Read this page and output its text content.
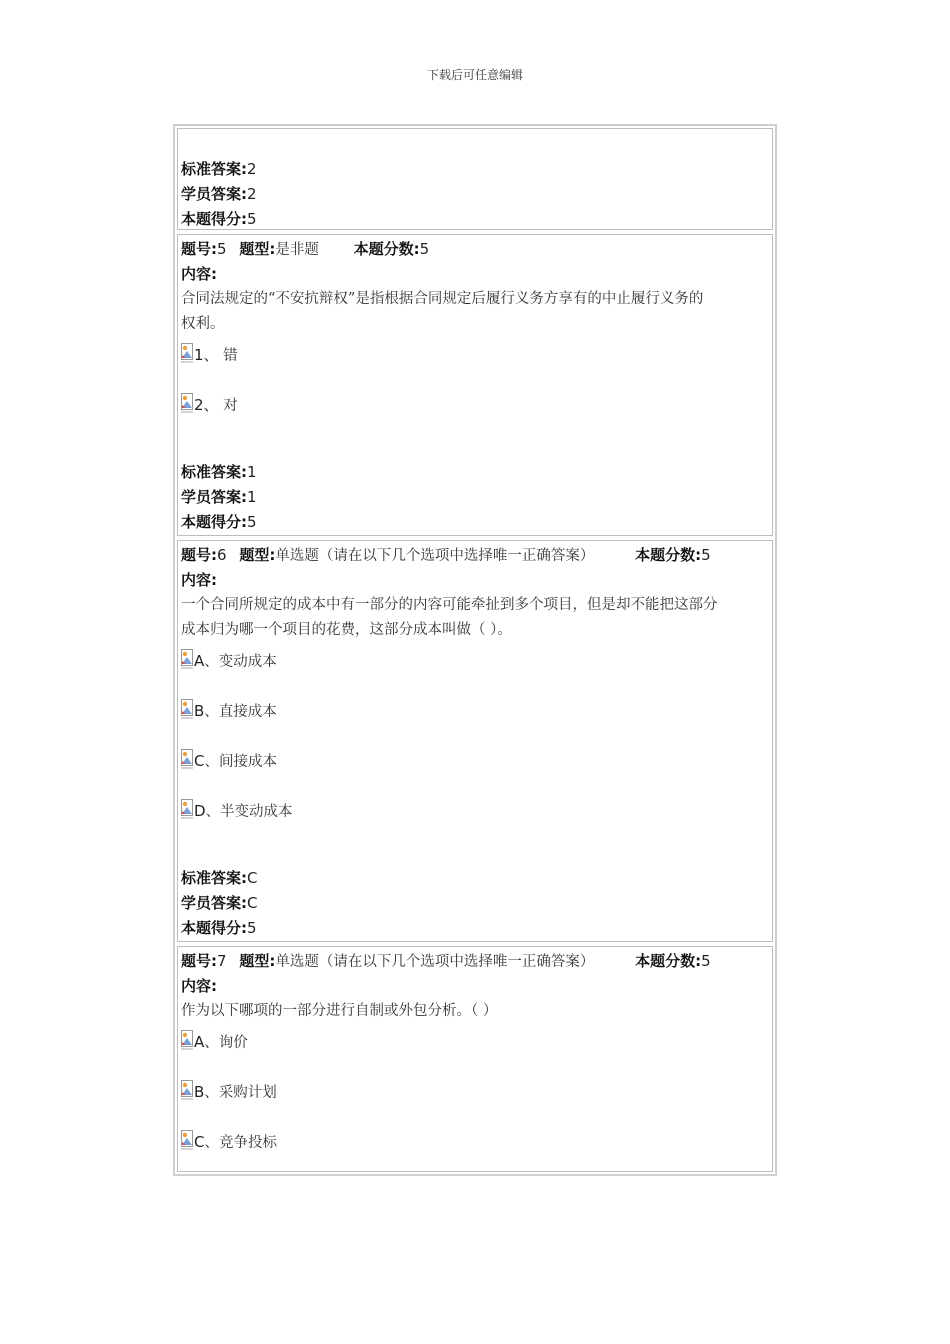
下载后可任意编辑
标准答案:2
学员答案:2
本题得分:5
题号:5 题型:是非题 本题分数:5
内容:
合同法规定的“不安抗辩权”是指根据合同规定后履行义务方享有的中止履行义务的
权利。
1、 错
2、 对
标准答案:1
学员答案:1
本题得分:5
题号:6 题型:单选题（请在以下几个选项中选择唯一正确答案）	本题分数:5
内容:
一个合同所规定的成本中有一部分的内容可能牵扯到多个项目，但是却不能把这部分
成本归为哪一个项目的花费，这部分成本叫做（ ）。
A、变动成本
B、直接成本
C、间接成本
D、半变动成本
标准答案:C
学员答案:C
本题得分:5
题号:7 题型:单选题（请在以下几个选项中选择唯一正确答案）	本题分数:5
内容:
作为以下哪项的一部分进行自制或外包分析。（ ）
A、询价
B、采购计划
C、竞争投标
